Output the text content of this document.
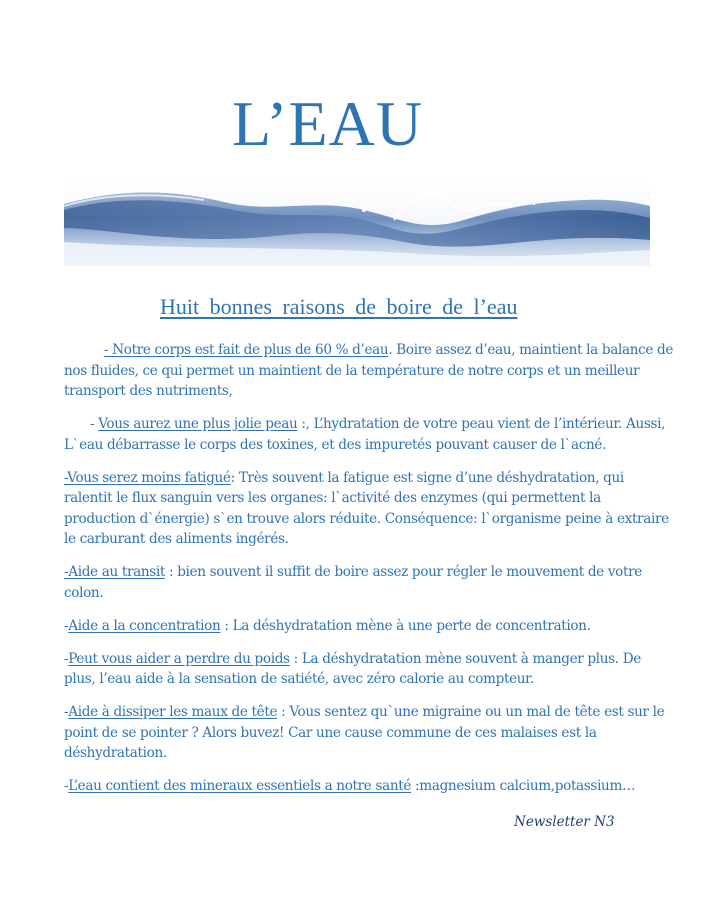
L’EAU
Huit bonnes raisons de boire de l’eau

- Notre corps est fait de plus de 60 % d’eau. Boire assez d’eau, maintient la balance de nos fluides, ce qui permet un maintient de la température de notre corps et un meilleur transport des nutriments,

- Vous aurez une plus jolie peau :, L’hydratation de votre peau vient de l’intérieur. Aussi, L`eau débarrasse le corps des toxines, et des impuretés pouvant causer de l`acné.

-Vous serez moins fatigué: Très souvent la fatigue est signe d’une déshydratation, qui ralentit le flux sanguin vers les organes: l`activité des enzymes (qui permettent la production d`énergie) s`en trouve alors réduite. Conséquence: l`organisme peine à extraire le carburant des aliments ingérés.

-Aide au transit : bien souvent il suffit de boire assez pour régler le mouvement de votre colon.

-Aide a la concentration : La déshydratation mène à une perte de concentration.

-Peut vous aider a perdre du poids : La déshydratation mène souvent à manger plus. De plus, l’eau aide à la sensation de satiété, avec zéro calorie au compteur.

-Aide à dissiper les maux de tête : Vous sentez qu`une migraine ou un mal de tête est sur le point de se pointer ? Alors buvez! Car une cause commune de ces malaises est la déshydratation.

-L’eau contient des mineraux essentiels a notre santé :magnesium calcium,potassium…

Newsletter N3
